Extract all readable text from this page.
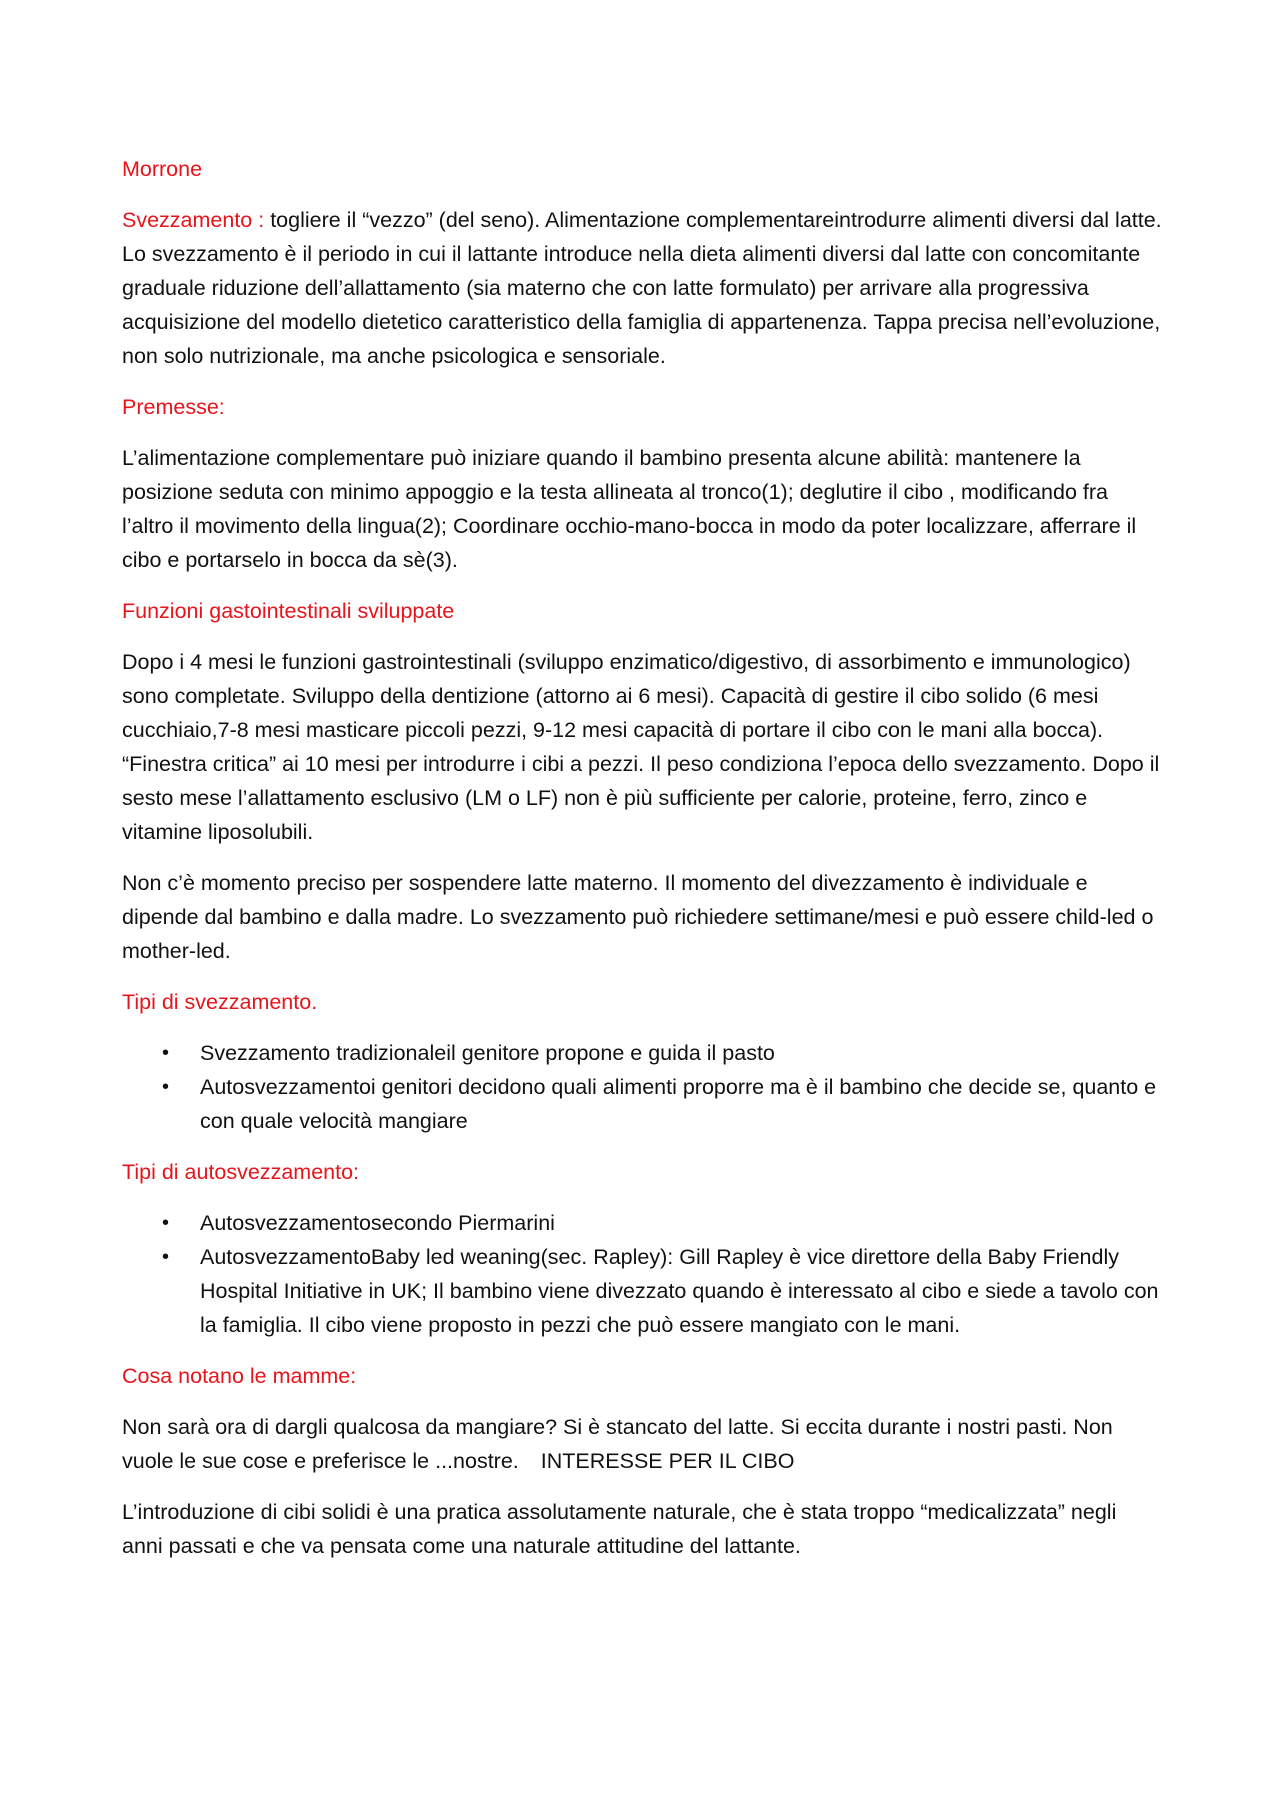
Morrone

Svezzamento : togliere il “vezzo” (del seno). Alimentazione complementareintrodurre alimenti diversi dal latte. Lo svezzamento è il periodo in cui il lattante introduce nella dieta alimenti diversi dal latte con concomitante graduale riduzione dell’allattamento (sia materno che con latte formulato) per arrivare alla progressiva acquisizione del modello dietetico caratteristico della famiglia di appartenenza. Tappa precisa nell’evoluzione, non solo nutrizionale, ma anche psicologica e sensoriale.

Premesse:

L’alimentazione complementare può iniziare quando il bambino presenta alcune abilità: mantenere la posizione seduta con minimo appoggio e la testa allineata al tronco(1); deglutire il cibo , modificando fra l’altro il movimento della lingua(2); Coordinare occhio-mano-bocca in modo da poter localizzare, afferrare il cibo e portarselo in bocca da sè(3).

Funzioni gastointestinali sviluppate

Dopo i 4 mesi le funzioni gastrointestinali (sviluppo enzimatico/digestivo, di assorbimento e immunologico) sono completate. Sviluppo della dentizione (attorno ai 6 mesi). Capacità di gestire il cibo solido (6 mesi cucchiaio,7-8 mesi masticare piccoli pezzi, 9-12 mesi capacità di portare il cibo con le mani alla bocca). “Finestra critica” ai 10 mesi per introdurre i cibi a pezzi. Il peso condiziona l’epoca dello svezzamento. Dopo il sesto mese l’allattamento esclusivo (LM o LF) non è più sufficiente per calorie, proteine, ferro, zinco e vitamine liposolubili.

Non c’è momento preciso per sospendere latte materno. Il momento del divezzamento è individuale e dipende dal bambino e dalla madre. Lo svezzamento può richiedere settimane/mesi e può essere child-led o mother-led.

Tipi di svezzamento.

• Svezzamento tradizionaleil genitore propone e guida il pasto
• Autosvezzamentoi genitori decidono quali alimenti proporre ma è il bambino che decide se, quanto e con quale velocità mangiare

Tipi di autosvezzamento:

• Autosvezzamentosecondo Piermarini
• AutosvezzamentoBaby led weaning(sec. Rapley): Gill Rapley è vice direttore della Baby Friendly Hospital Initiative in UK; Il bambino viene divezzato quando è interessato al cibo e siede a tavolo con la famiglia. Il cibo viene proposto in pezzi che può essere mangiato con le mani.

Cosa notano le mamme:

Non sarà ora di dargli qualcosa da mangiare? Si è stancato del latte. Si eccita durante i nostri pasti. Non vuole le sue cose e preferisce le ...nostre. INTERESSE PER IL CIBO

L’introduzione di cibi solidi è una pratica assolutamente naturale, che è stata troppo “medicalizzata” negli anni passati e che va pensata come una naturale attitudine del lattante.
